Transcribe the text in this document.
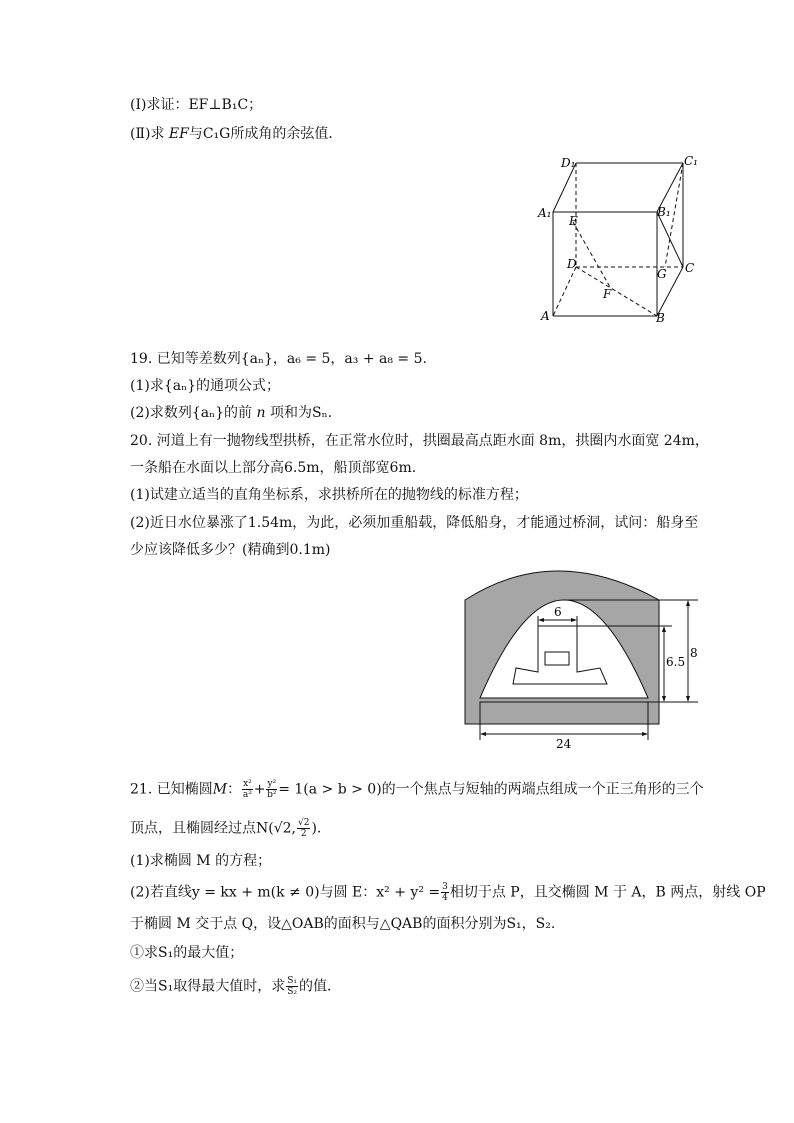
(Ⅰ)求证：EF⊥B₁C；
(Ⅱ)求 EF与C₁G所成角的余弦值．
D₁	C₁
A₁	B₁
E
D
G C
F
A	B
19. 已知等差数列{aₙ}，a₆ = 5，a₃ + a₈ = 5.
(1)求{aₙ}的通项公式；
(2)求数列{aₙ}的前 n 项和为Sₙ.
20. 河道上有一抛物线型拱桥，在正常水位时，拱圈最高点距水面 8m，拱圈内水面宽 24m，
一条船在水面以上部分高6.5m，船顶部宽6m.
(1)试建立适当的直角坐标系，求拱桥所在的抛物线的标准方程；
(2)近日水位暴涨了1.54m，为此，必须加重船载，降低船身，才能通过桥洞，试问：船身至
少应该降低多少？(精确到0.1m)
6
6.5
8
24
21. 已知椭圆M： $\frac{\text{x²}}{\text{a²}} + \frac{\text{y²}}{\text{b²}} = 1(a > b > 0)$的一个焦点与短轴的两端点组成一个正三角形的三个
顶点，且椭圆经过点N(√2, $\frac{√2}{2}$ ).
(1)求椭圆 M 的方程；
(2)若直线y = kx + m(k ≠ 0)与圆 E：$x^2 + y^2 = \frac{3}{4}$ 相切于点 P，且交椭圆 M 于 A，B 两点，射线 OP
于椭圆 M 交于点 Q，设△OAB的面积与△QAB的面积分别为S₁，S₂.
①求S₁的最大值；
②当S₁取得最大值时，求 $\frac{\text{S₁}}{\text{S₂}}$ 的值．
